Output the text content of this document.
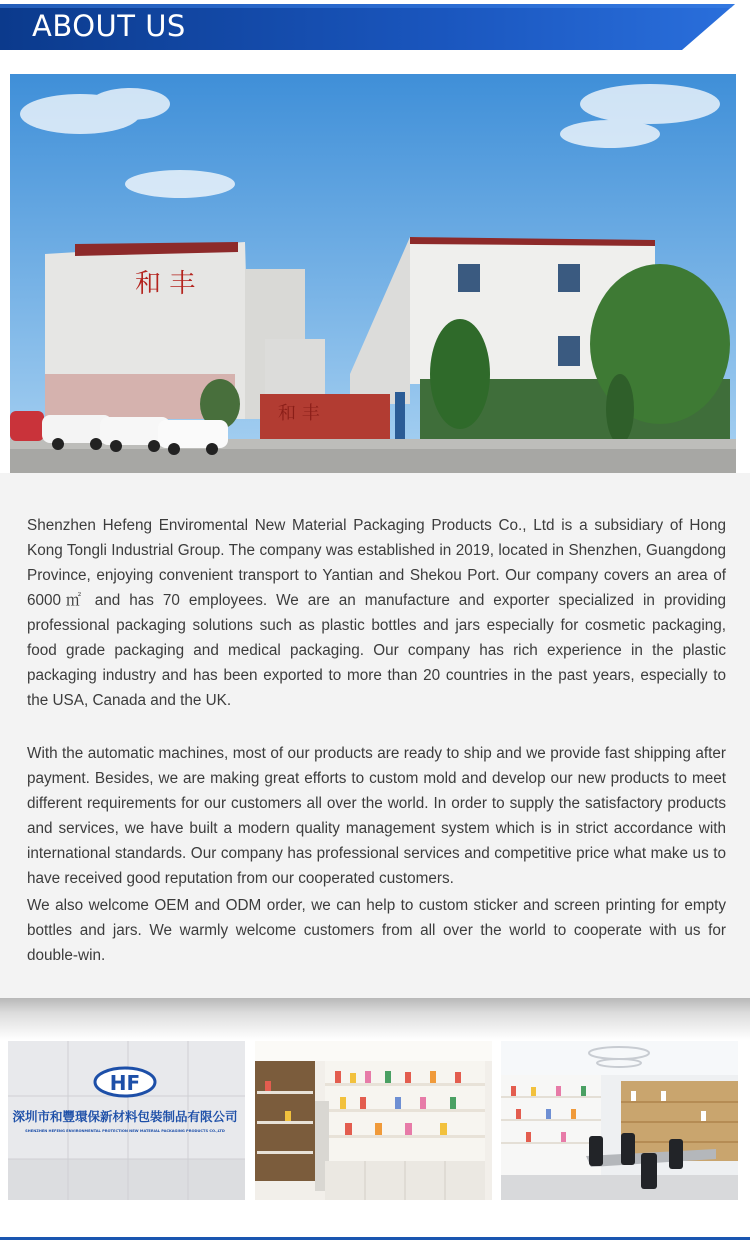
ABOUT US
和 丰
和 丰

Shenzhen Hefeng Enviromental New Material Packaging Products Co., Ltd is a subsidiary of Hong Kong Tongli Industrial Group. The company was established in 2019, located in Shenzhen, Guangdong Province, enjoying convenient transport to Yantian and Shekou Port. Our company covers an area of 6000㎡ and has 70 employees. We are an manufacture and exporter specialized in providing professional packaging solutions such as plastic bottles and jars especially for cosmetic packaging, food grade packaging and medical packaging. Our company has rich experience in the plastic packaging industry and has been exported to more than 20 countries in the past years, especially to the USA, Canada and the UK.

With the automatic machines, most of our products are ready to ship and we provide fast shipping after payment. Besides, we are making great efforts to custom mold and develop our new products to meet different requirements for our customers all over the world. In order to supply the satisfactory products and services, we have built a modern quality management system which is in strict accordance with international standards. Our company has professional services and competitive price what make us to have received good reputation from our cooperated customers.

We also welcome OEM and ODM order, we can help to custom sticker and screen printing for empty bottles and jars. We warmly welcome customers from all over the world to cooperate with us for double-win.

HF
深圳市和豐環保新材料包裝制品有限公司
SHENZHEN HEFENG ENVIRONMENTAL PROTECTION NEW MATERIAL PACKAGING PRODUCTS CO.,LTD
